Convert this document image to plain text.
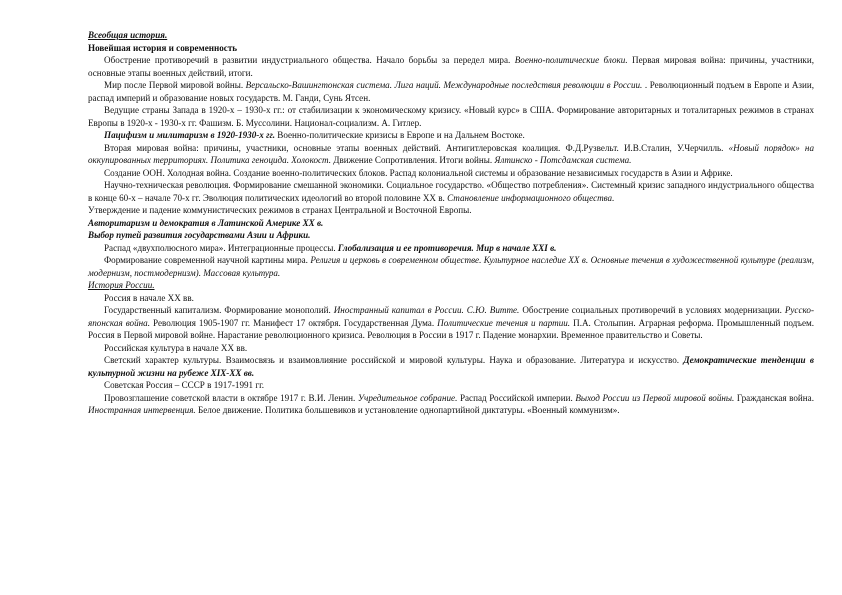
Всеобщая история.

Новейшая история и современность

Обострение противоречий в развитии индустриального общества. Начало борьбы за передел мира. Военно-политические блоки. Первая мировая война: причины, участники, основные этапы военных действий, итоги.

Мир после Первой мировой войны. Версальско-Вашингтонская система. Лига наций. Международные последствия революции в России. . Революционный подъем в Европе и Азии, распад империй и образование новых государств. М. Ганди, Сунь Ятсен.

Ведущие страны Запада в 1920-х – 1930-х гг.: от стабилизации к экономическому кризису. «Новый курс» в США. Формирование авторитарных и тоталитарных режимов в странах Европы в 1920-х - 1930-х гг. Фашизм. Б. Муссолини. Национал-социализм. А. Гитлер.

Пацифизм и милитаризм в 1920-1930-х гг. Военно-политические кризисы в Европе и на Дальнем Востоке.

Вторая мировая война: причины, участники, основные этапы военных действий. Антигитлеровская коалиция. Ф.Д.Рузвельт. И.В.Сталин, У.Черчилль. «Новый порядок» на оккупированных территориях. Политика геноцида. Холокост. Движение Сопротивления. Итоги войны. Ялтинско - Потсдамская система.

Создание ООН. Холодная война. Создание военно-политических блоков. Распад колониальной системы и образование независимых государств в Азии и Африке.

Научно-техническая революция. Формирование смешанной экономики. Социальное государство. «Общество потребления». Системный кризис западного индустриального общества в конце 60-х – начале 70-х гг. Эволюция политических идеологий во второй половине XX в. Становление информационного общества.

Утверждение и падение коммунистических режимов в странах Центральной и Восточной Европы.

Авторитаризм и демократия в Латинской Америке XX в.

Выбор путей развития государствами Азии и Африки.

Распад «двухполюсного мира». Интеграционные процессы. Глобализация и ее противоречия. Мир в начале XXI в.

Формирование современной научной картины мира. Религия и церковь в современном обществе. Культурное наследие XX в. Основные течения в художественной культуре (реализм, модернизм, постмодернизм). Массовая культура.

История России.

Россия в начале XX вв.

Государственный капитализм. Формирование монополий. Иностранный капитал в России. С.Ю. Витте. Обострение социальных противоречий в условиях модернизации. Русско-японская война. Революция 1905-1907 гг. Манифест 17 октября. Государственная Дума. Политические течения и партии. П.А. Столыпин. Аграрная реформа. Промышленный подъем. Россия в Первой мировой войне. Нарастание революционного кризиса. Революция в России в 1917 г. Падение монархии. Временное правительство и Советы.

Российская культура в начале XX вв.

Светский характер культуры. Взаимосвязь и взаимовлияние российской и мировой культуры. Наука и образование. Литература и искусство. Демократические тенденции в культурной жизни на рубеже XIX-XX вв.

Советская Россия – СССР в 1917-1991 гг.

Провозглашение советской власти в октябре 1917 г. В.И. Ленин. Учредительное собрание. Распад Российской империи. Выход России из Первой мировой войны. Гражданская война. Иностранная интервенция. Белое движение. Политика большевиков и установление однопартийной диктатуры. «Военный коммунизм».
